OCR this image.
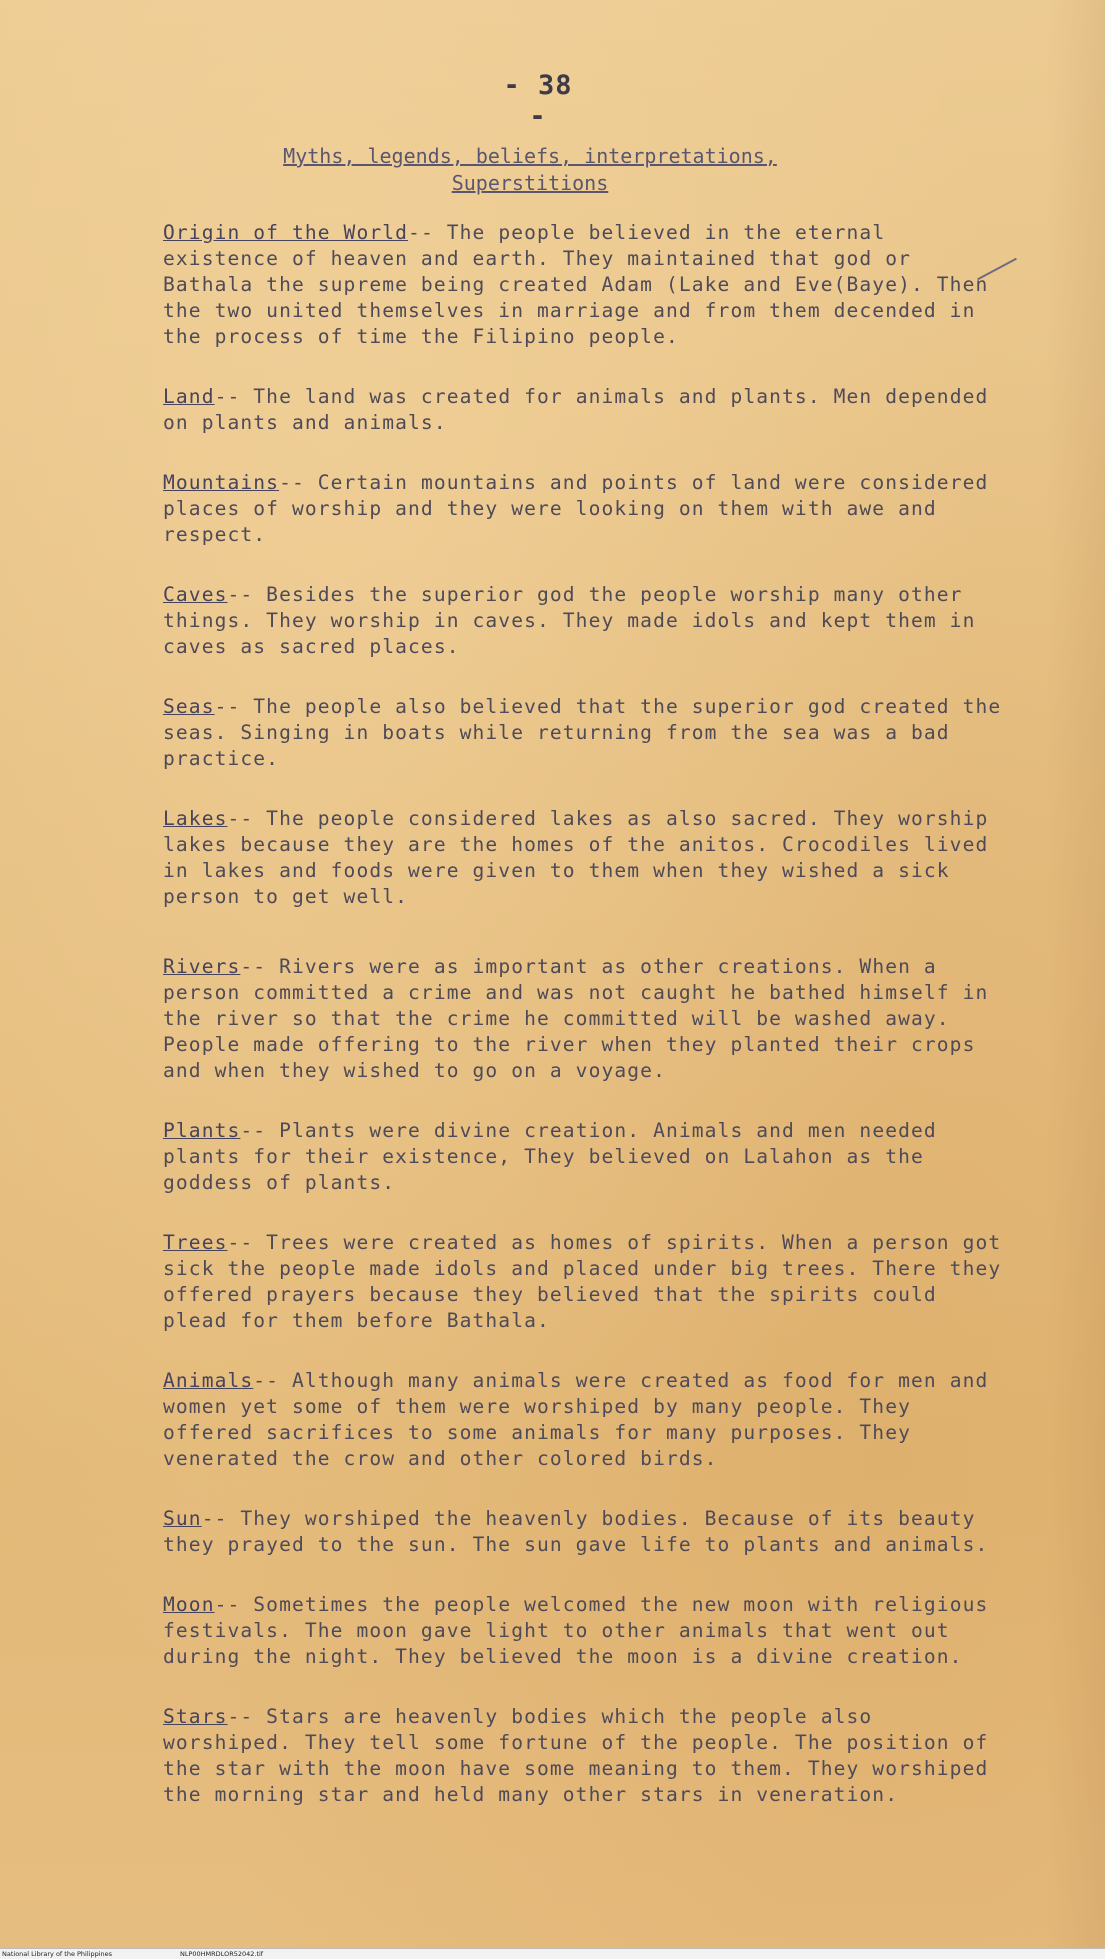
- 38 -
Myths, legends, beliefs, interpretations,
Superstitions

Origin of the World-- The people believed in the eternal existence of heaven and earth. They maintained that god or Bathala the supreme being created Adam (Lake and Eve(Baye). Then the two united themselves in marriage and from them decended in the process of time the Filipino people.

Land-- The land was created for animals and plants. Men depended on plants and animals.

Mountains-- Certain mountains and points of land were considered places of worship and they were looking on them with awe and respect.

Caves-- Besides the superior god the people worship many other things. They worship in caves. They made idols and kept them in caves as sacred places.

Seas-- The people also believed that the superior god created the seas. Singing in boats while returning from the sea was a bad practice.

Lakes-- The people considered lakes as also sacred. They worship lakes because they are the homes of the anitos. Crocodiles lived in lakes and foods were given to them when they wished a sick person to get well.

Rivers-- Rivers were as important as other creations. When a person committed a crime and was not caught he bathed himself in the river so that the crime he committed will be washed away. People made offering to the river when they planted their crops and when they wished to go on a voyage.

Plants-- Plants were divine creation. Animals and men needed plants for their existence, They believed on Lalahon as the goddess of plants.

Trees-- Trees were created as homes of spirits. When a person got sick the people made idols and placed under big trees. There they offered prayers because they believed that the spirits could plead for them before Bathala.

Animals-- Although many animals were created as food for men and women yet some of them were worshiped by many people. They offered sacrifices to some animals for many purposes. They venerated the crow and other colored birds.

Sun-- They worshiped the heavenly bodies. Because of its beauty they prayed to the sun. The sun gave life to plants and animals.

Moon-- Sometimes the people welcomed the new moon with religious festivals. The moon gave light to other animals that went out during the night. They believed the moon is a divine creation.

Stars-- Stars are heavenly bodies which the people also worshiped. They tell some fortune of the people. The position of the star with the moon have some meaning to them. They worshiped the morning star and held many other stars in veneration.

National Library of the Philippines	NLP00HMRDLOR52042.tif
